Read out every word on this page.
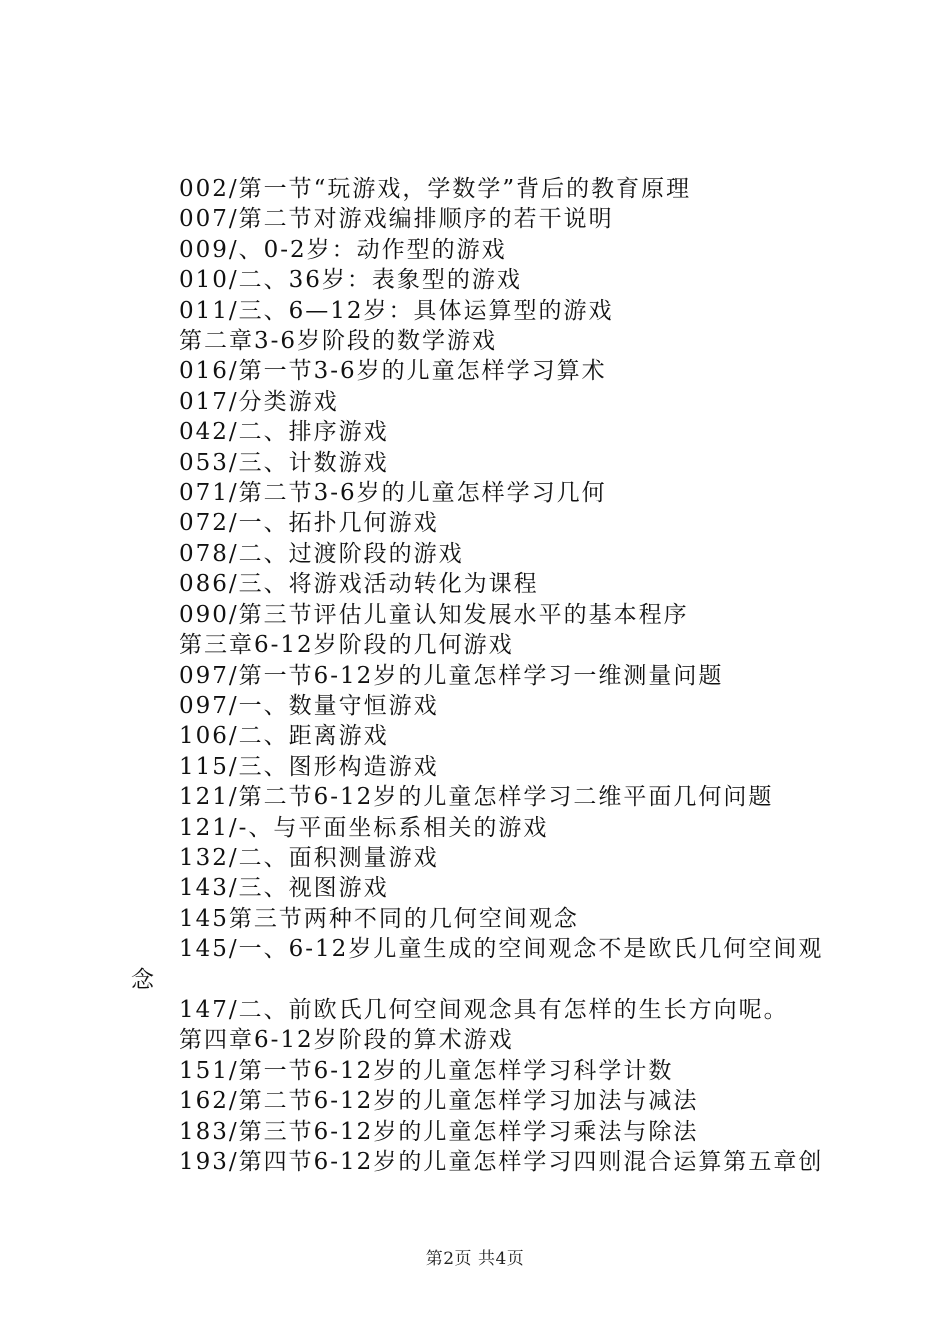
002/第一节“玩游戏，学数学”背后的教育原理
007/第二节对游戏编排顺序的若干说明
009/、0-2岁：动作型的游戏
010/二、36岁：表象型的游戏
011/三、6—12岁：具体运算型的游戏
第二章3-6岁阶段的数学游戏
016/第一节3-6岁的儿童怎样学习算术
017/分类游戏
042/二、排序游戏
053/三、计数游戏
071/第二节3-6岁的儿童怎样学习几何
072/一、拓扑几何游戏
078/二、过渡阶段的游戏
086/三、将游戏活动转化为课程
090/第三节评估儿童认知发展水平的基本程序
第三章6-12岁阶段的几何游戏
097/第一节6-12岁的儿童怎样学习一维测量问题
097/一、数量守恒游戏
106/二、距离游戏
115/三、图形构造游戏
121/第二节6-12岁的儿童怎样学习二维平面几何问题
121/-、与平面坐标系相关的游戏
132/二、面积测量游戏
143/三、视图游戏
145第三节两种不同的几何空间观念
145/一、6-12岁儿童生成的空间观念不是欧氏几何空间观念
147/二、前欧氏几何空间观念具有怎样的生长方向呢。
第四章6-12岁阶段的算术游戏
151/第一节6-12岁的儿童怎样学习科学计数
162/第二节6-12岁的儿童怎样学习加法与减法
183/第三节6-12岁的儿童怎样学习乘法与除法
193/第四节6-12岁的儿童怎样学习四则混合运算第五章创
第2页 共4页
